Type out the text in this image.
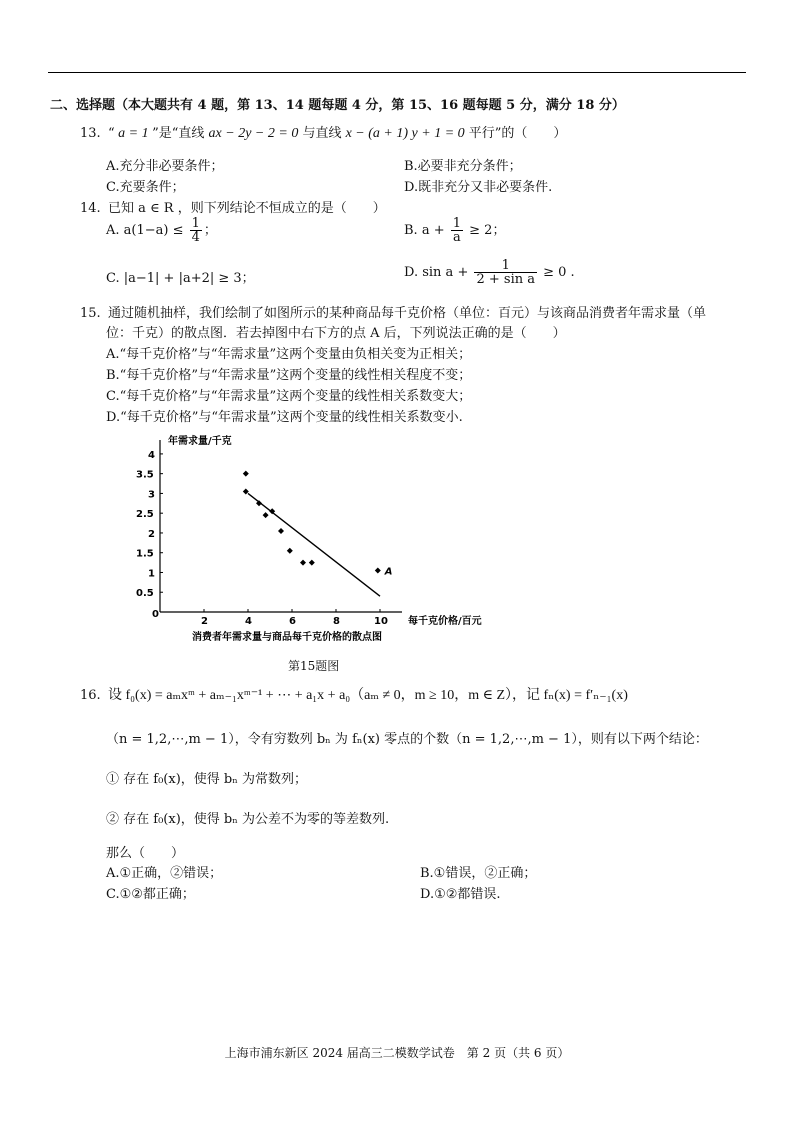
二、选择题（本大题共有 4 题，第 13、14 题每题 4 分，第 15、16 题每题 5 分，满分 18 分）
13. “ a = 1 ”是“直线 ax − 2y − 2 = 0 与直线 x − (a + 1) y + 1 = 0 平行”的（　　）
A.充分非必要条件；	B.必要非充分条件；
C.充要条件；	D.既非充分又非必要条件.
14. 已知 a ∈ R ，则下列结论不恒成立的是（　　）
A. $a(1-a) \le \frac{1}{4}$ ；	B. $a + \frac{1}{a} \ge 2$；
C. |a−1| + |a+2| ≥ 3；	D. $\sin a + \frac{1}{\text{2 + sin a}} \ge 0$ .
15. 通过随机抽样，我们绘制了如图所示的某种商品每千克价格（单位：百元）与该商品消费者年需求量（单
位：千克）的散点图．若去掉图中右下方的点 A 后，下列说法正确的是（　　）
A.“每千克价格”与“年需求量”这两个变量由负相关变为正相关；
B.“每千克价格”与“年需求量”这两个变量的线性相关程度不变；
C.“每千克价格”与“年需求量”这两个变量的线性相关系数变大；
D.“每千克价格”与“年需求量”这两个变量的线性相关系数变小.
2	4	6	8	10
0.5
1
1.5
2
2.5
3
3.5
4
A
年需求量/千克
每千克价格/百元
消费者年需求量与商品每千克价格的散点图
0
第15题图
16. 设 f₀(x) = aₘxᵐ + aₘ₋₁xᵐ⁻¹ + ⋯ + a₁x + a₀（aₘ ≠ 0，m ≥ 10，m ∈ Z），记 fₙ(x) = f′ₙ₋₁(x)
（n = 1,2,⋯,m − 1），令有穷数列 bₙ 为 fₙ(x) 零点的个数（n = 1,2,⋯,m − 1），则有以下两个结论：
① 存在 f₀(x)，使得 bₙ 为常数列；
② 存在 f₀(x)，使得 bₙ 为公差不为零的等差数列.
那么（　　）
A.①正确，②错误；	B.①错误，②正确；
C.①②都正确；	D.①②都错误.
上海市浦东新区 2024 届高三二模数学试卷　第 2 页（共 6 页）
